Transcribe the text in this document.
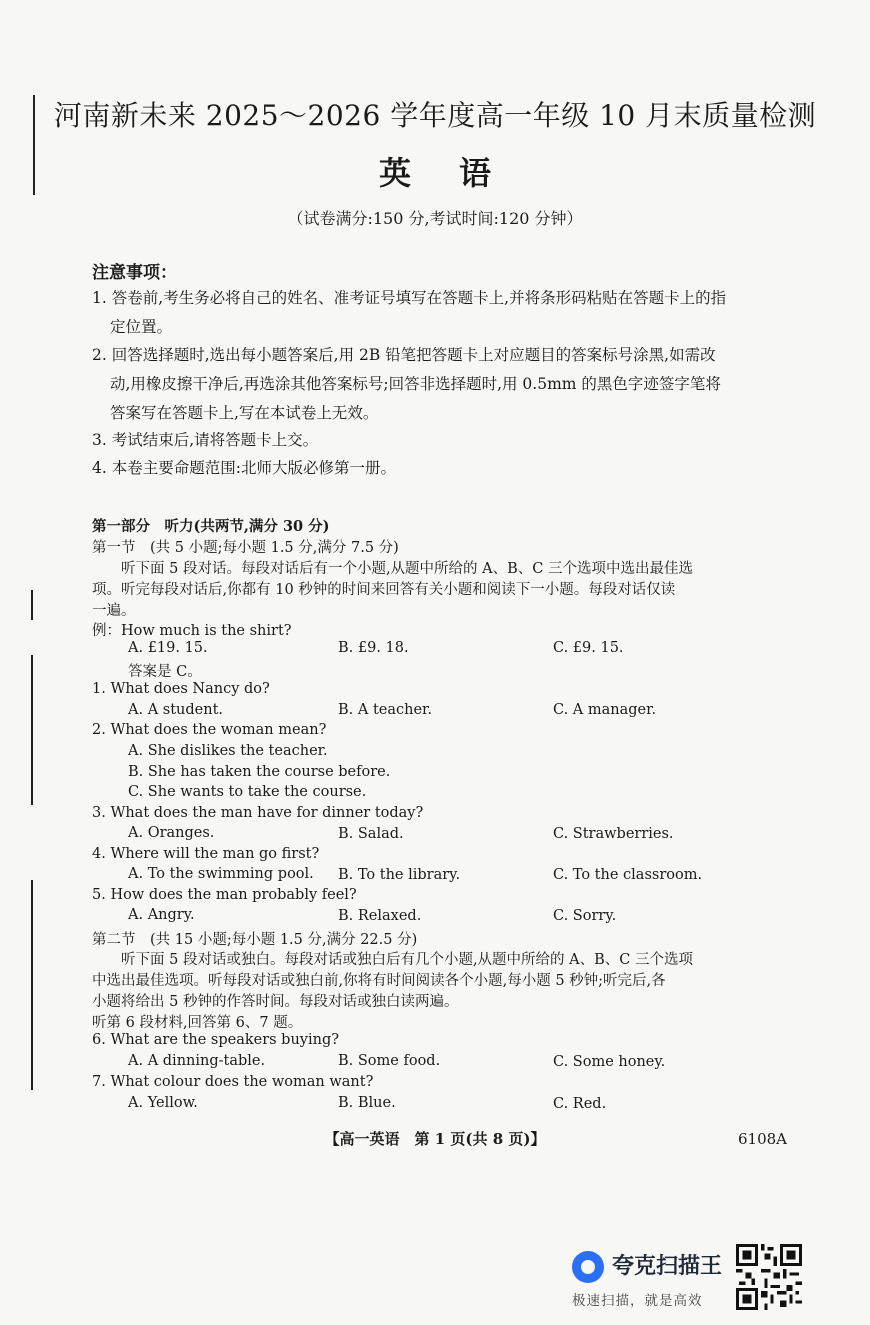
河南新未来 2025～2026 学年度高一年级 10 月末质量检测
英语
（试卷满分:150 分,考试时间:120 分钟）
注意事项：
1. 答卷前,考生务必将自己的姓名、准考证号填写在答题卡上,并将条形码粘贴在答题卡上的指
定位置。
2. 回答选择题时,选出每小题答案后,用 2B 铅笔把答题卡上对应题目的答案标号涂黑,如需改
动,用橡皮擦干净后,再选涂其他答案标号;回答非选择题时,用 0.5mm 的黑色字迹签字笔将
答案写在答题卡上,写在本试卷上无效。
3. 考试结束后,请将答题卡上交。
4. 本卷主要命题范围:北师大版必修第一册。
第一部分　听力(共两节,满分 30 分)
第一节　(共 5 小题;每小题 1.5 分,满分 7.5 分)
　　听下面 5 段对话。每段对话后有一个小题,从题中所给的 A、B、C 三个选项中选出最佳选
项。听完每段对话后,你都有 10 秒钟的时间来回答有关小题和阅读下一小题。每段对话仅读
一遍。
例：How much is the shirt?
A. £19. 15.	B. £9. 18.	C. £9. 15.
答案是 C。
1. What does Nancy do?
A. A student.	B. A teacher.	C. A manager.
2. What does the woman mean?
A. She dislikes the teacher.
B. She has taken the course before.
C. She wants to take the course.
3. What does the man have for dinner today?
A. Oranges.	B. Salad.	C. Strawberries.
4. Where will the man go first?
A. To the swimming pool. B. To the library.	C. To the classroom.
5. How does the man probably feel?
A. Angry.	B. Relaxed.	C. Sorry.
第二节　(共 15 小题;每小题 1.5 分,满分 22.5 分)
　　听下面 5 段对话或独白。每段对话或独白后有几个小题,从题中所给的 A、B、C 三个选项
中选出最佳选项。听每段对话或独白前,你将有时间阅读各个小题,每小题 5 秒钟;听完后,各
小题将给出 5 秒钟的作答时间。每段对话或独白读两遍。
听第 6 段材料,回答第 6、7 题。
6. What are the speakers buying?
A. A dinning-table.	B. Some food.	C. Some honey.
7. What colour does the woman want?
A. Yellow.	B. Blue.	C. Red.
【高一英语　第 1 页(共 8 页)】	6108A
夸克扫描王
极速扫描，就是高效
